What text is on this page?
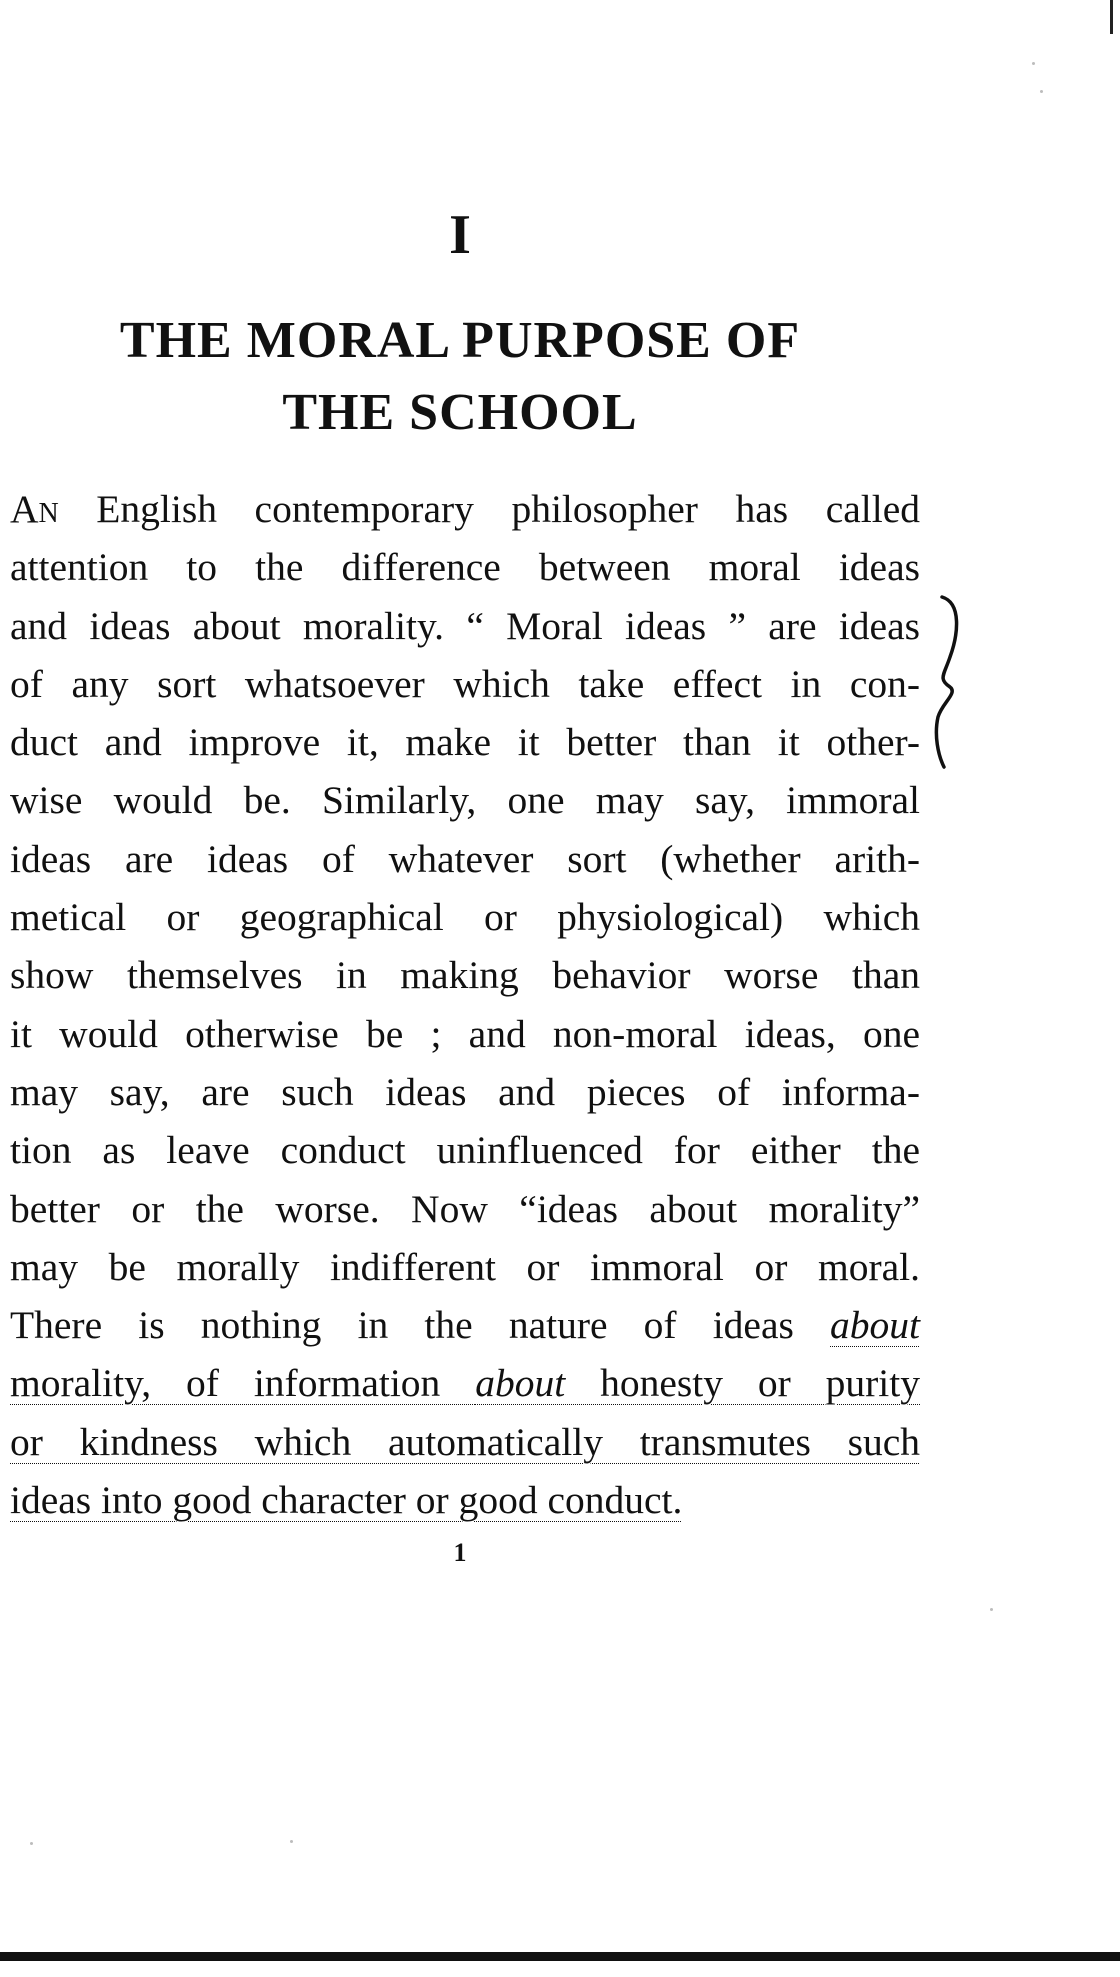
I
THE MORAL PURPOSE OF
THE SCHOOL
An English contemporary philosopher has called
attention to the difference between moral ideas
and ideas about morality. “ Moral ideas ” are ideas
of any sort whatsoever which take effect in con-
duct and improve it, make it better than it other-
wise would be. Similarly, one may say, immoral
ideas are ideas of whatever sort (whether arith-
metical or geographical or physiological) which
show themselves in making behavior worse than
it would otherwise be ; and non-moral ideas, one
may say, are such ideas and pieces of informa-
tion as leave conduct uninfluenced for either the
better or the worse. Now “ideas about morality”
may be morally indifferent or immoral or moral.
There is nothing in the nature of ideas about
morality, of information about honesty or purity
or kindness which automatically transmutes such
ideas into good character or good conduct.
1
